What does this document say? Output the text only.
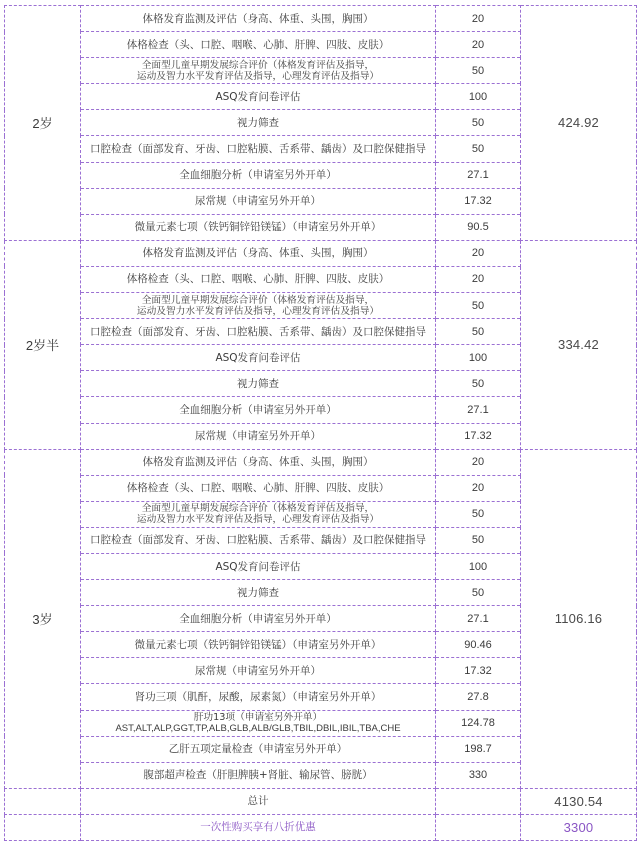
2岁	体格发育监测及评估（身高、体重、头围，胸围）	20	424.92
	体格检查（头、口腔、咽喉、心肺、肝脾、四肢、皮肤）	20	

	全面型儿童早期发展综合评价（体格发育评估及指导，
运动及智力水平发育评估及指导，心理发育评估及指导）	50	
	ASQ发育问卷评估	100	
	视力筛查	50	
	口腔检查（面部发育、牙齿、口腔粘膜、舌系带、龋齿）及口腔保健指导	50	
	全血细胞分析（申请室另外开单）	27.1	
	尿常规（申请室另外开单）	17.32	
	微量元素七项（铁钙铜锌铅镁锰）（申请室另外开单）	90.5	
2岁半	体格发育监测及评估（身高、体重、头围，胸围）	20	334.42
	体格检查（头、口腔、咽喉、心肺、肝脾、四肢、皮肤）	20	

	全面型儿童早期发展综合评价（体格发育评估及指导，
运动及智力水平发育评估及指导，心理发育评估及指导）	50	
	口腔检查（面部发育、牙齿、口腔粘膜、舌系带、龋齿）及口腔保健指导	50	
	ASQ发育问卷评估	100	
	视力筛查	50	
	全血细胞分析（申请室另外开单）	27.1	
	尿常规（申请室另外开单）	17.32	
3岁	体格发育监测及评估（身高、体重、头围，胸围）	20	1106.16
	体格检查（头、口腔、咽喉、心肺、肝脾、四肢、皮肤）	20	

	全面型儿童早期发展综合评价（体格发育评估及指导，
运动及智力水平发育评估及指导，心理发育评估及指导）	50	
	口腔检查（面部发育、牙齿、口腔粘膜、舌系带、龋齿）及口腔保健指导	50	
	ASQ发育问卷评估	100	
	视力筛查	50	
	全血细胞分析（申请室另外开单）	27.1	
	微量元素七项（铁钙铜锌铅镁锰）（申请室另外开单）	90.46	
	尿常规（申请室另外开单）	17.32	
	肾功三项（肌酐，尿酸，尿素氮）（申请室另外开单）	27.8	

	肝功13项（申请室另外开单）
AST,ALT,ALP,GGT,TP,ALB,GLB,ALB/GLB,TBIL,DBIL,IBIL,TBA,CHE	124.78	
	乙肝五项定量检查（申请室另外开单）	198.7	
	腹部超声检查（肝胆脾胰+肾脏、输尿管、膀胱）	330	
	总计		4130.54
	一次性购买享有八折优惠		3300
